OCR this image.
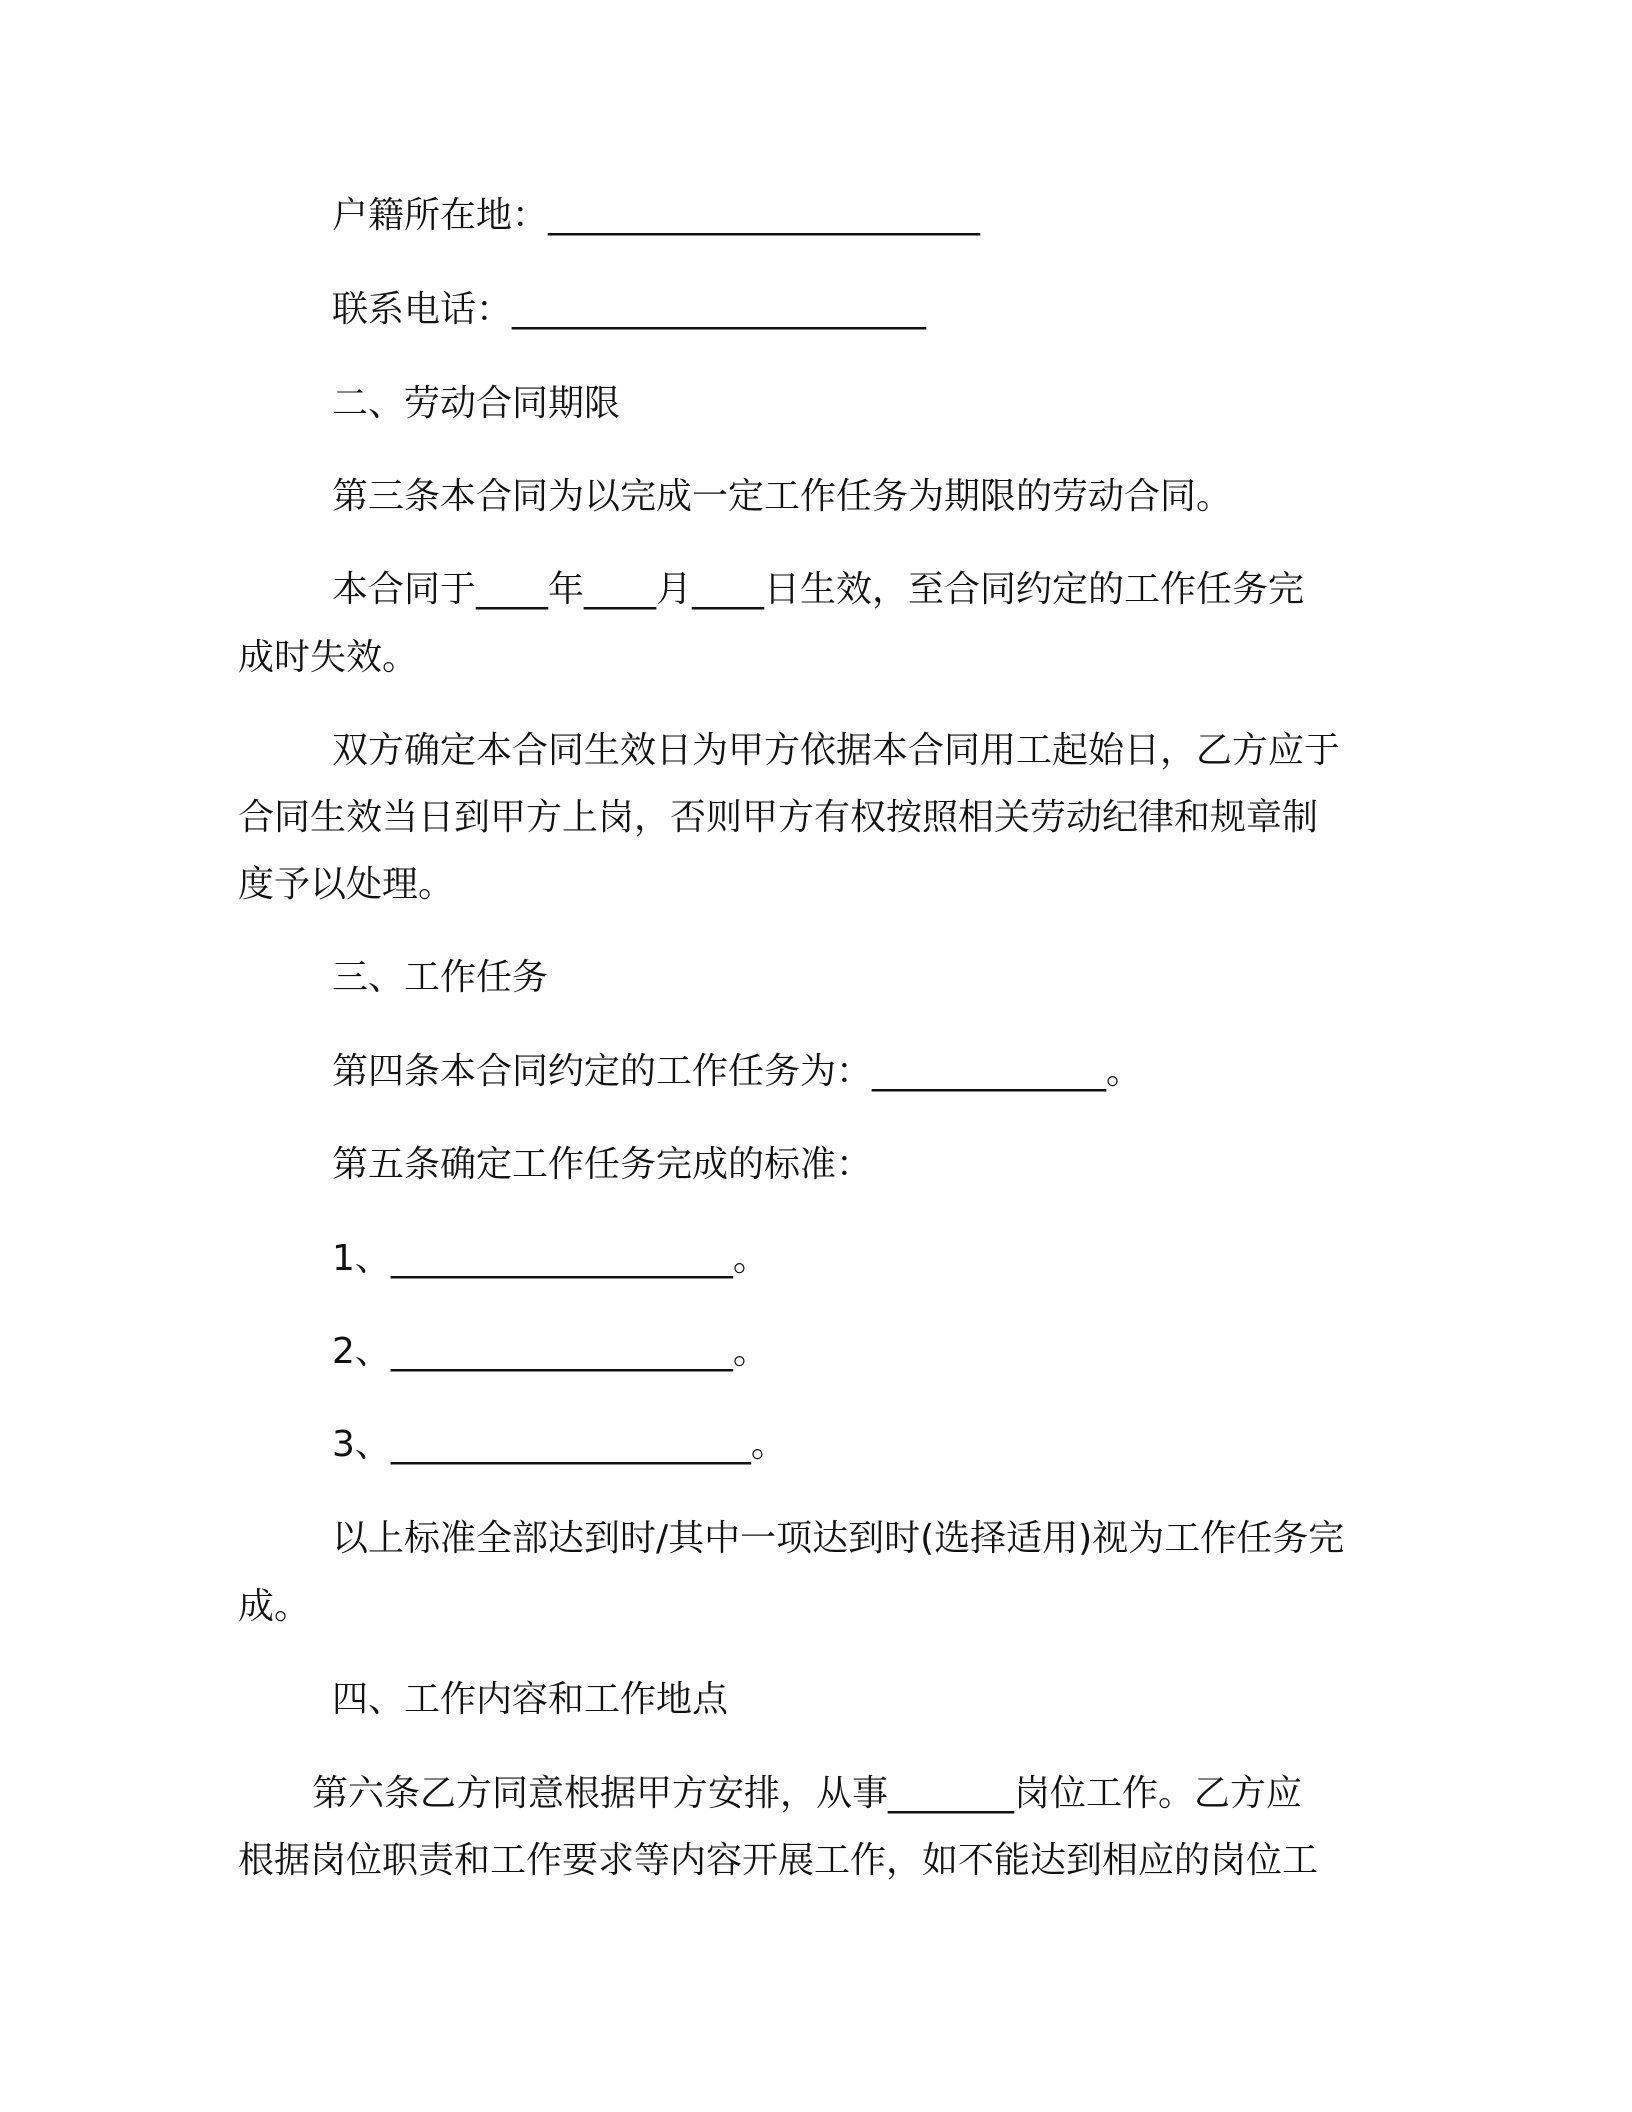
户籍所在地：________________________
联系电话：_______________________
二、劳动合同期限
第三条本合同为以完成一定工作任务为期限的劳动合同。
本合同于____年____月____日生效，至合同约定的工作任务完
成时失效。
双方确定本合同生效日为甲方依据本合同用工起始日，乙方应于
合同生效当日到甲方上岗，否则甲方有权按照相关劳动纪律和规章制
度予以处理。
三、工作任务
第四条本合同约定的工作任务为：_____________。
第五条确定工作任务完成的标准：
1、___________________。
2、___________________。
3、____________________。
以上标准全部达到时/其中一项达到时(选择适用)视为工作任务完
成。
四、工作内容和工作地点
第六条乙方同意根据甲方安排，从事_______岗位工作。乙方应
根据岗位职责和工作要求等内容开展工作，如不能达到相应的岗位工
